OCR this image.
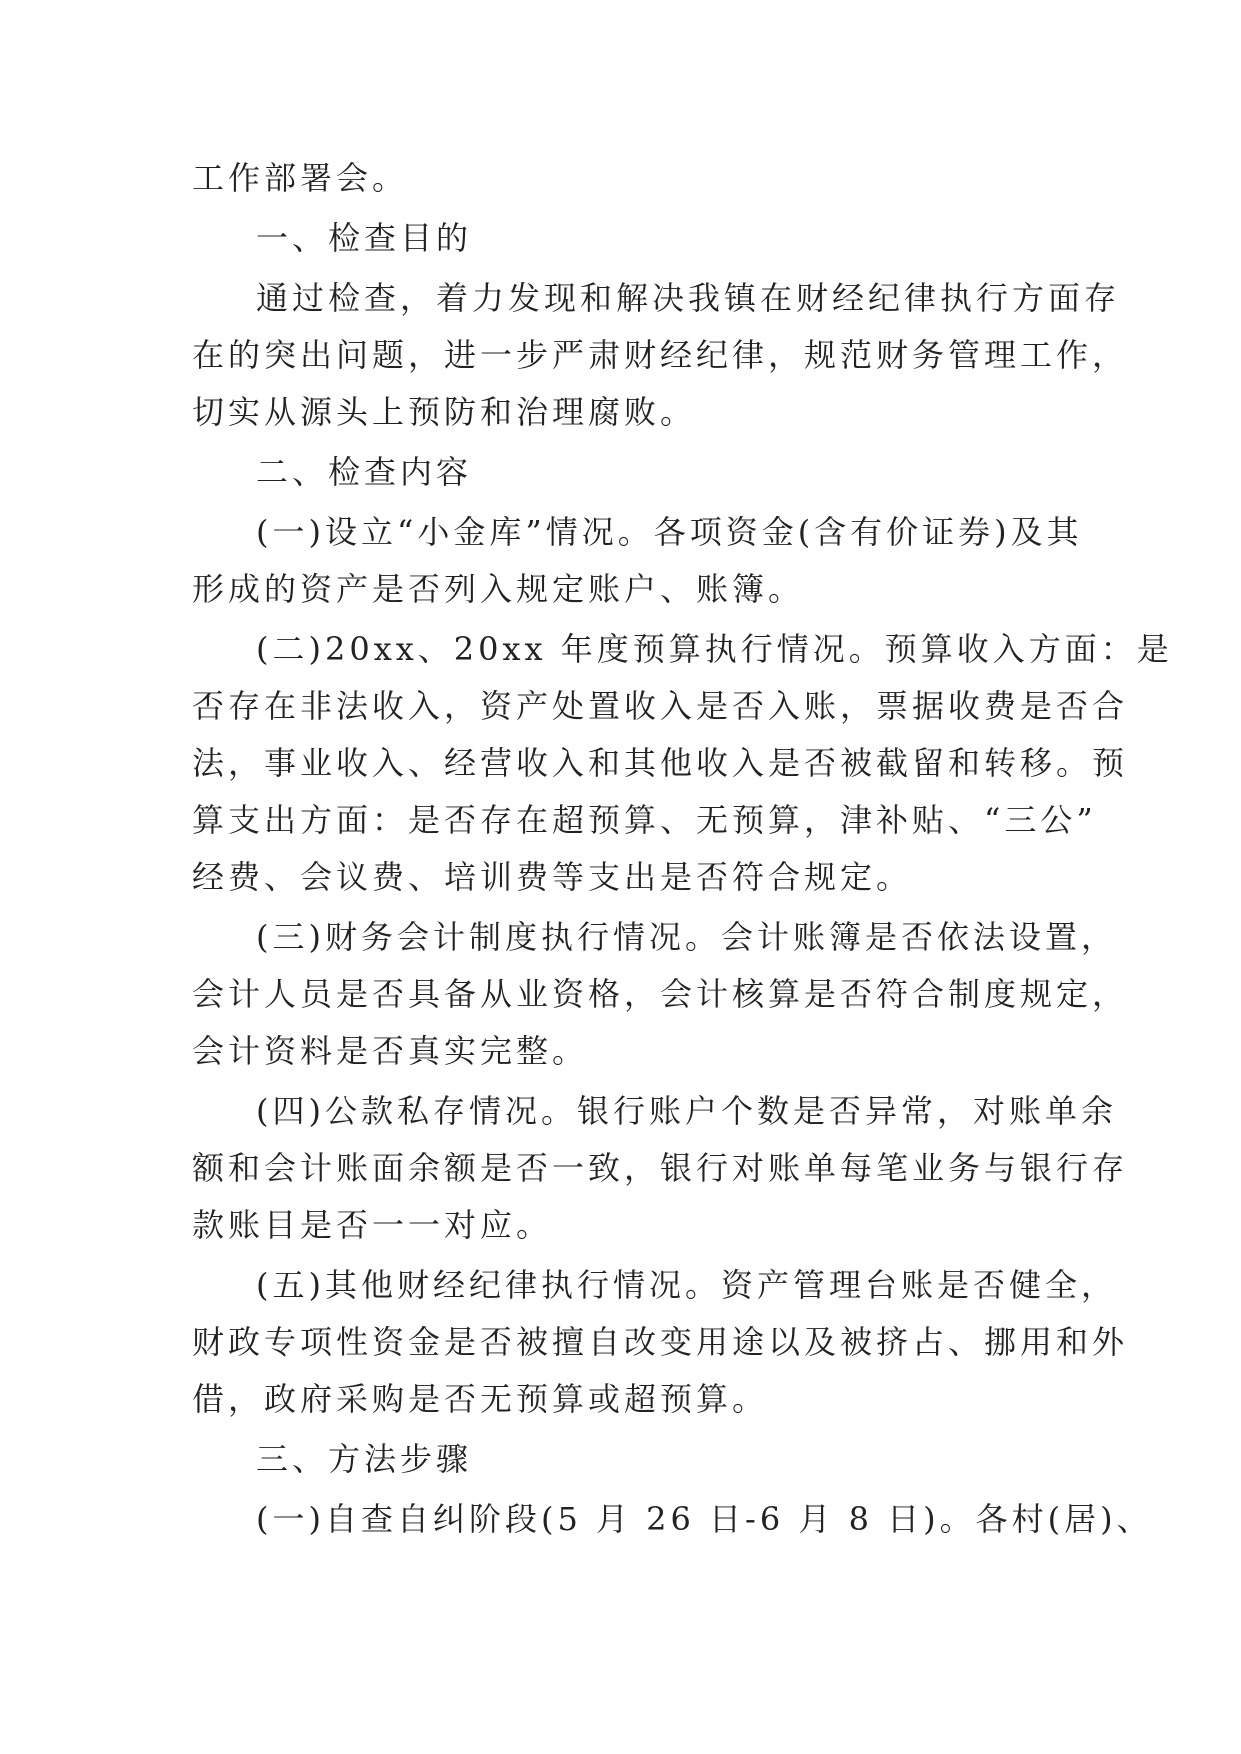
工作部署会。
一、检查目的
通过检查，着力发现和解决我镇在财经纪律执行方面存
在的突出问题，进一步严肃财经纪律，规范财务管理工作，
切实从源头上预防和治理腐败。
二、检查内容
(一)设立“小金库”情况。各项资金(含有价证券)及其
形成的资产是否列入规定账户、账簿。
(二)20xx、20xx 年度预算执行情况。预算收入方面：是
否存在非法收入，资产处置收入是否入账，票据收费是否合
法，事业收入、经营收入和其他收入是否被截留和转移。预
算支出方面：是否存在超预算、无预算，津补贴、“三公”
经费、会议费、培训费等支出是否符合规定。
(三)财务会计制度执行情况。会计账簿是否依法设置，
会计人员是否具备从业资格，会计核算是否符合制度规定，
会计资料是否真实完整。
(四)公款私存情况。银行账户个数是否异常，对账单余
额和会计账面余额是否一致，银行对账单每笔业务与银行存
款账目是否一一对应。
(五)其他财经纪律执行情况。资产管理台账是否健全，
财政专项性资金是否被擅自改变用途以及被挤占、挪用和外
借，政府采购是否无预算或超预算。
三、方法步骤
(一)自查自纠阶段(5 月 26 日-6 月 8 日)。各村(居)、
